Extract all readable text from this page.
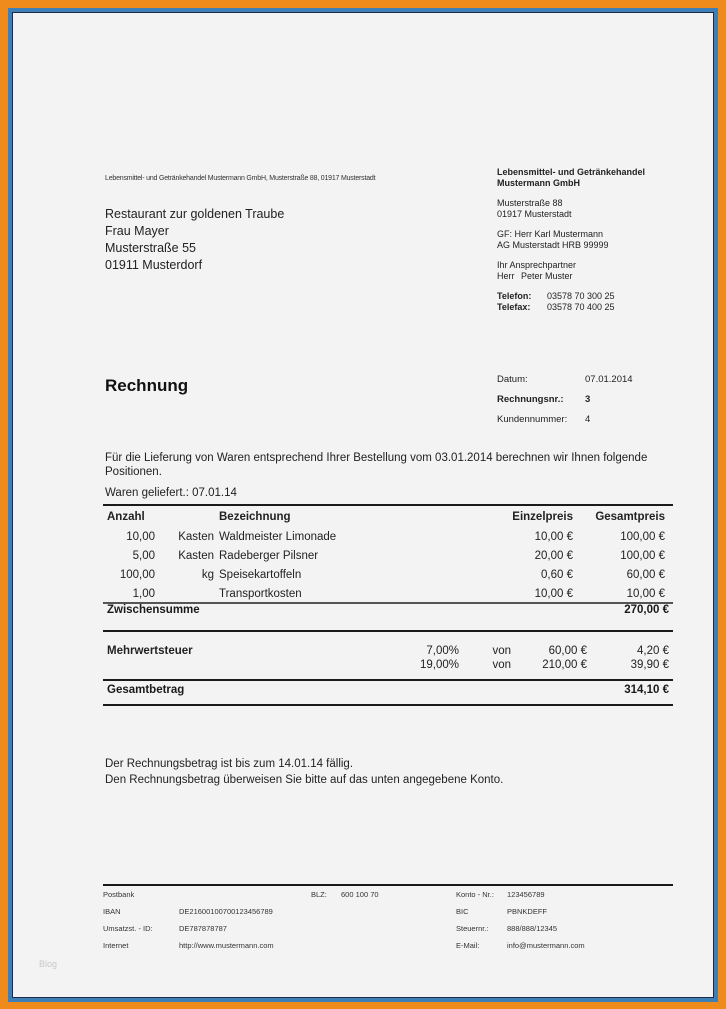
Lebensmittel- und Getränkehandel Mustermann GmbH, Musterstraße 88, 01917 Musterstadt
Restaurant zur goldenen Traube
Frau Mayer
Musterstraße 55
01911 Musterdorf
Lebensmittel- und Getränkehandel
Mustermann GmbH
Musterstraße 88
01917 Musterstadt
GF: Herr Karl Mustermann
AG Musterstadt HRB 99999
Ihr Ansprechpartner
Herr Peter Muster
Telefon:	03578 70 300 25
Telefax:	03578 70 400 25
Rechnung	Datum:	07.01.2014
Rechnungsnr.:	3
Kundennummer:	4
Für die Lieferung von Waren entsprechend Ihrer Bestellung vom 03.01.2014 berechnen wir Ihnen folgende Positionen.
Waren geliefert.: 07.01.14
Anzahl	Bezeichnung	Einzelpreis	Gesamtpreis
10,00	Kasten Waldmeister Limonade	10,00 €	100,00 €
5,00	Kasten Radeberger Pilsner	20,00 €	100,00 €
100,00	kg Speisekartoffeln	0,60 €	60,00 €
1,00	Transportkosten	10,00 €	10,00 €
Zwischensumme	270,00 €
Mehrwertsteuer	7,00%	von	60,00 €	4,20 €
19,00%	von	210,00 €	39,90 €
Gesamtbetrag	314,10 €
Der Rechnungsbetrag ist bis zum 14.01.14 fällig.
Den Rechnungsbetrag überweisen Sie bitte auf das unten angegebene Konto.
Postbank	BLZ:	600 100 70	Konto - Nr.:	123456789
IBAN	DE21600100700123456789	BIC	PBNKDEFF
Umsatzst. - ID:	DE787878787	Steuernr.:	888/888/12345
Internet	http://www.mustermann.com	E-Mail:	info@mustermann.com
Blog
